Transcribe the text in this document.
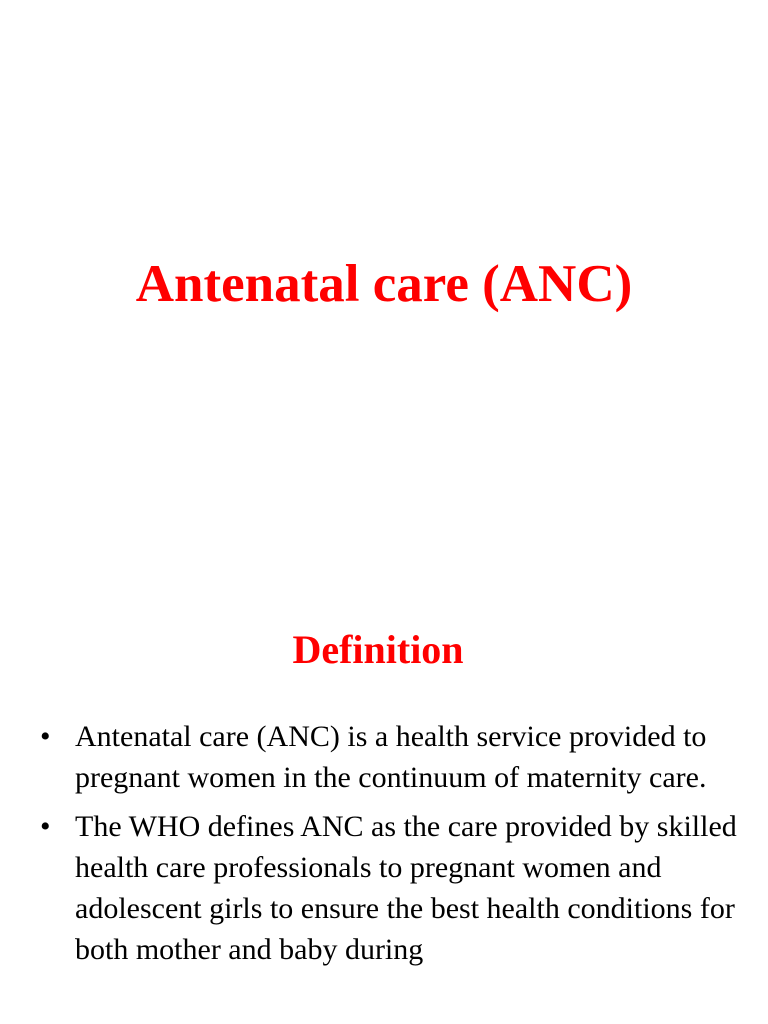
Antenatal care (ANC)
Definition
• Antenatal care (ANC) is a health service provided to pregnant women in the continuum of maternity care.
• The WHO defines ANC as the care provided by skilled health care professionals to pregnant women and adolescent girls to ensure the best health conditions for both mother and baby during
